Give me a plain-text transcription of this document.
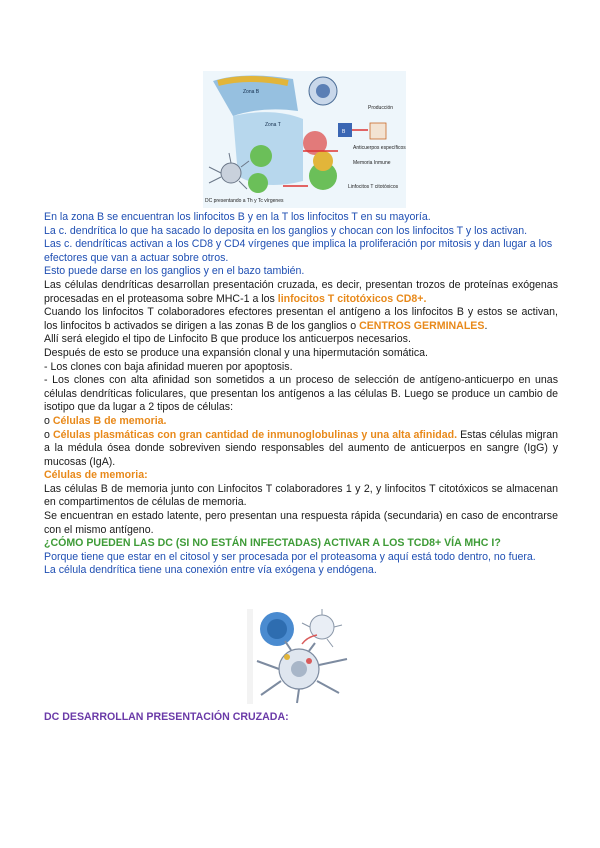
Zona B
Zona T
B
Producción
Anticuerpos específicos
Memoria Inmune
Linfocitos T citotóxicos
DC presentando a Th y Tc vírgenes

En la zona B se encuentran los linfocitos B y en la T los linfocitos T en su mayoría.

La c. dendrítica lo que ha sacado lo deposita en los ganglios y chocan con los linfocitos T y los activan.

Las c. dendríticas activan a los CD8 y CD4 vírgenes que implica la proliferación por mitosis y dan lugar a los efectores que van a actuar sobre otros.

Esto puede darse en los ganglios y en el bazo también.

Las células dendríticas desarrollan presentación cruzada, es decir, presentan trozos de proteínas exógenas procesadas en el proteasoma sobre MHC-1 a los linfocitos T citotóxicos CD8+.

Cuando los linfocitos T colaboradores efectores presentan el antígeno a los linfocitos B y estos se activan, los linfocitos b activados se dirigen a las zonas B de los ganglios o CENTROS GERMINALES.

Allí será elegido el tipo de Linfocito B que produce los anticuerpos necesarios.

Después de esto se produce una expansión clonal y una hipermutación somática.

- Los clones con baja afinidad mueren por apoptosis.

- Los clones con alta afinidad son sometidos a un proceso de selección de antígeno-anticuerpo en unas células dendríticas foliculares, que presentan los antígenos a las células B. Luego se produce un cambio de isotipo que da lugar a 2 tipos de células:

o Células B de memoria.

o Células plasmáticas con gran cantidad de inmunoglobulinas y una alta afinidad. Estas células migran a la médula ósea donde sobreviven siendo responsables del aumento de anticuerpos en sangre (IgG) y mucosas (IgA).

Células de memoria:

Las células B de memoria junto con Linfocitos T colaboradores 1 y 2, y linfocitos T citotóxicos se almacenan en compartimentos de células de memoria.

Se encuentran en estado latente, pero presentan una respuesta rápida (secundaria) en caso de encontrarse con el mismo antígeno.

¿CÓMO PUEDEN LAS DC (SI NO ESTÁN INFECTADAS) ACTIVAR A LOS TCD8+ VÍA MHC I?

Porque tiene que estar en el citosol y ser procesada por el proteasoma y aquí está todo dentro, no fuera.

La célula dendrítica tiene una conexión entre vía exógena y endógena.

DC DESARROLLAN PRESENTACIÓN CRUZADA:
